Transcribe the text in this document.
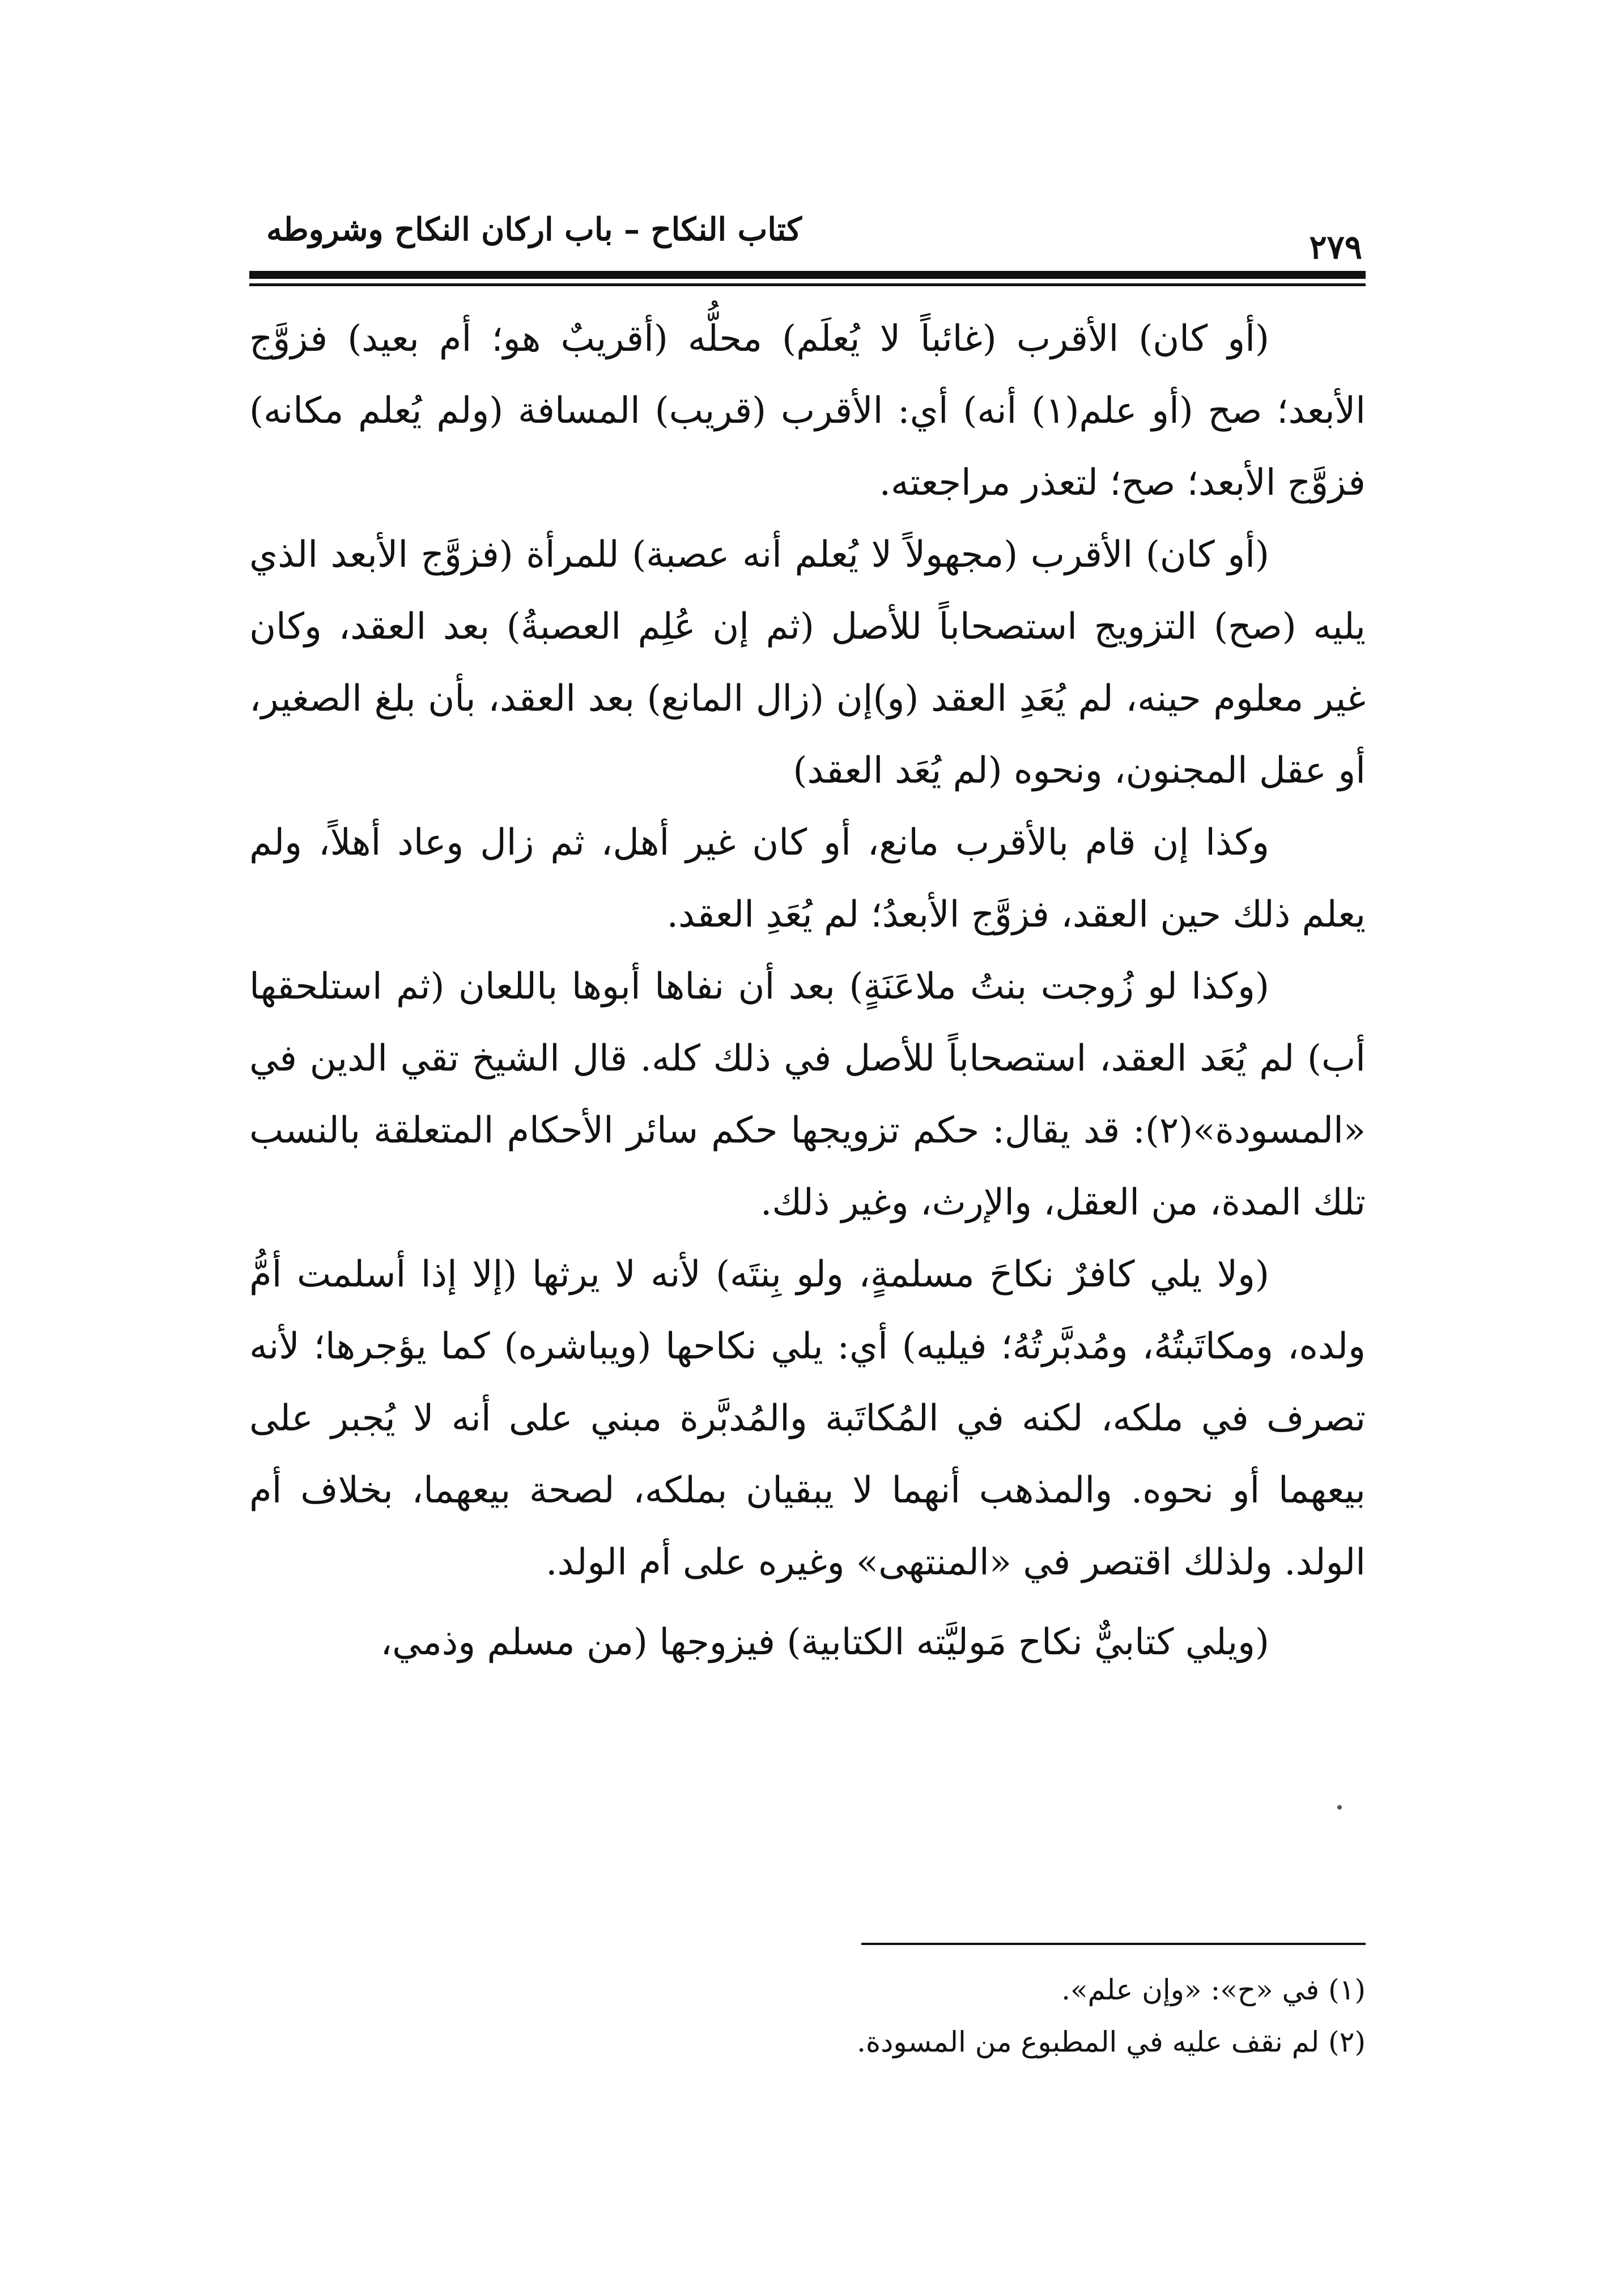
كتاب النكاح – باب اركان النكاح وشروطه	٢٧٩

(أو كان) الأقرب (غائباً لا يُعلَم) محلُّه (أقريبٌ هو؛ أم بعيد) فزوَّج الأبعد؛ صح (أو علم(١) أنه) أي: الأقرب (قريب) المسافة (ولم يُعلم مكانه) فزوَّج الأبعد؛ صح؛ لتعذر مراجعته.

(أو كان) الأقرب (مجهولاً لا يُعلم أنه عصبة) للمرأة (فزوَّج الأبعد الذي يليه (صح) التزويج استصحاباً للأصل (ثم إن عُلِم العصبةُ) بعد العقد، وكان غير معلوم حينه، لم يُعَدِ العقد (و)إن (زال المانع) بعد العقد، بأن بلغ الصغير، أو عقل المجنون، ونحوه (لم يُعَد العقد)

وكذا إن قام بالأقرب مانع، أو كان غير أهل، ثم زال وعاد أهلاً، ولم يعلم ذلك حين العقد، فزوَّج الأبعدُ؛ لم يُعَدِ العقد.

(وكذا لو زُوجت بنتُ ملاعَنَةٍ) بعد أن نفاها أبوها باللعان (ثم استلحقها أب) لم يُعَد العقد، استصحاباً للأصل في ذلك كله. قال الشيخ تقي الدين في «المسودة»(٢): قد يقال: حكم تزويجها حكم سائر الأحكام المتعلقة بالنسب تلك المدة، من العقل، والإرث، وغير ذلك.

(ولا يلي كافرٌ نكاحَ مسلمةٍ، ولو بِنتَه) لأنه لا يرثها (إلا إذا أسلمت أمُّ ولده، ومكاتَبتُهُ، ومُدبَّرتُهُ؛ فيليه) أي: يلي نكاحها (ويباشره) كما يؤجرها؛ لأنه تصرف في ملكه، لكنه في المُكاتَبة والمُدبَّرة مبني على أنه لا يُجبر على بيعهما أو نحوه. والمذهب أنهما لا يبقيان بملكه، لصحة بيعهما، بخلاف أم الولد. ولذلك اقتصر في «المنتهى» وغيره على أم الولد.

(ويلي كتابيٌّ نكاح مَوليَّته الكتابية) فيزوجها (من مسلم وذمي،

(١) في «ح»: «وإن علم».

(٢) لم نقف عليه في المطبوع من المسودة.
